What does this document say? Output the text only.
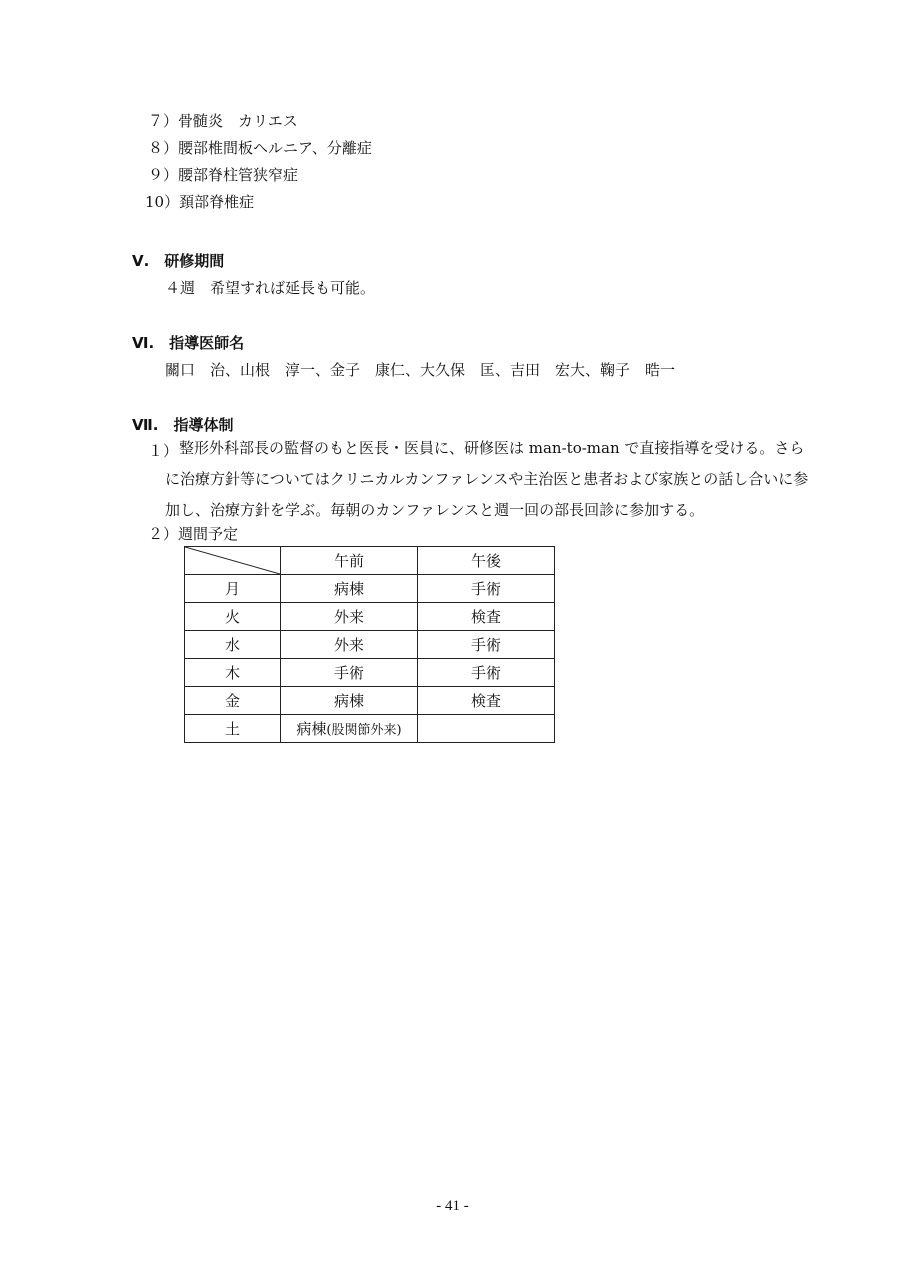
７）骨髄炎　カリエス
８）腰部椎間板ヘルニア、分離症
９）腰部脊柱管狭窄症
10）頚部脊椎症
Ⅴ.　研修期間
４週　希望すれば延長も可能。
Ⅵ.　指導医師名
關口　治、山根　淳一、金子　康仁、大久保　匡、吉田　宏大、鞠子　晧一
Ⅶ.　指導体制
１） 整形外科部長の監督のもと医長・医員に、研修医は man-to-man で直接指導を受ける。さらに治療方針等についてはクリニカルカンファレンスや主治医と患者および家族との話し合いに参加し、治療方針を学ぶ。毎朝のカンファレンスと週一回の部長回診に参加する。
２）週間予定
	午前	午後
月	病棟	手術
火	外来	検査
水	外来	手術
木	手術	手術
金	病棟	検査
土	病棟(股関節外来)	
- 41 -
